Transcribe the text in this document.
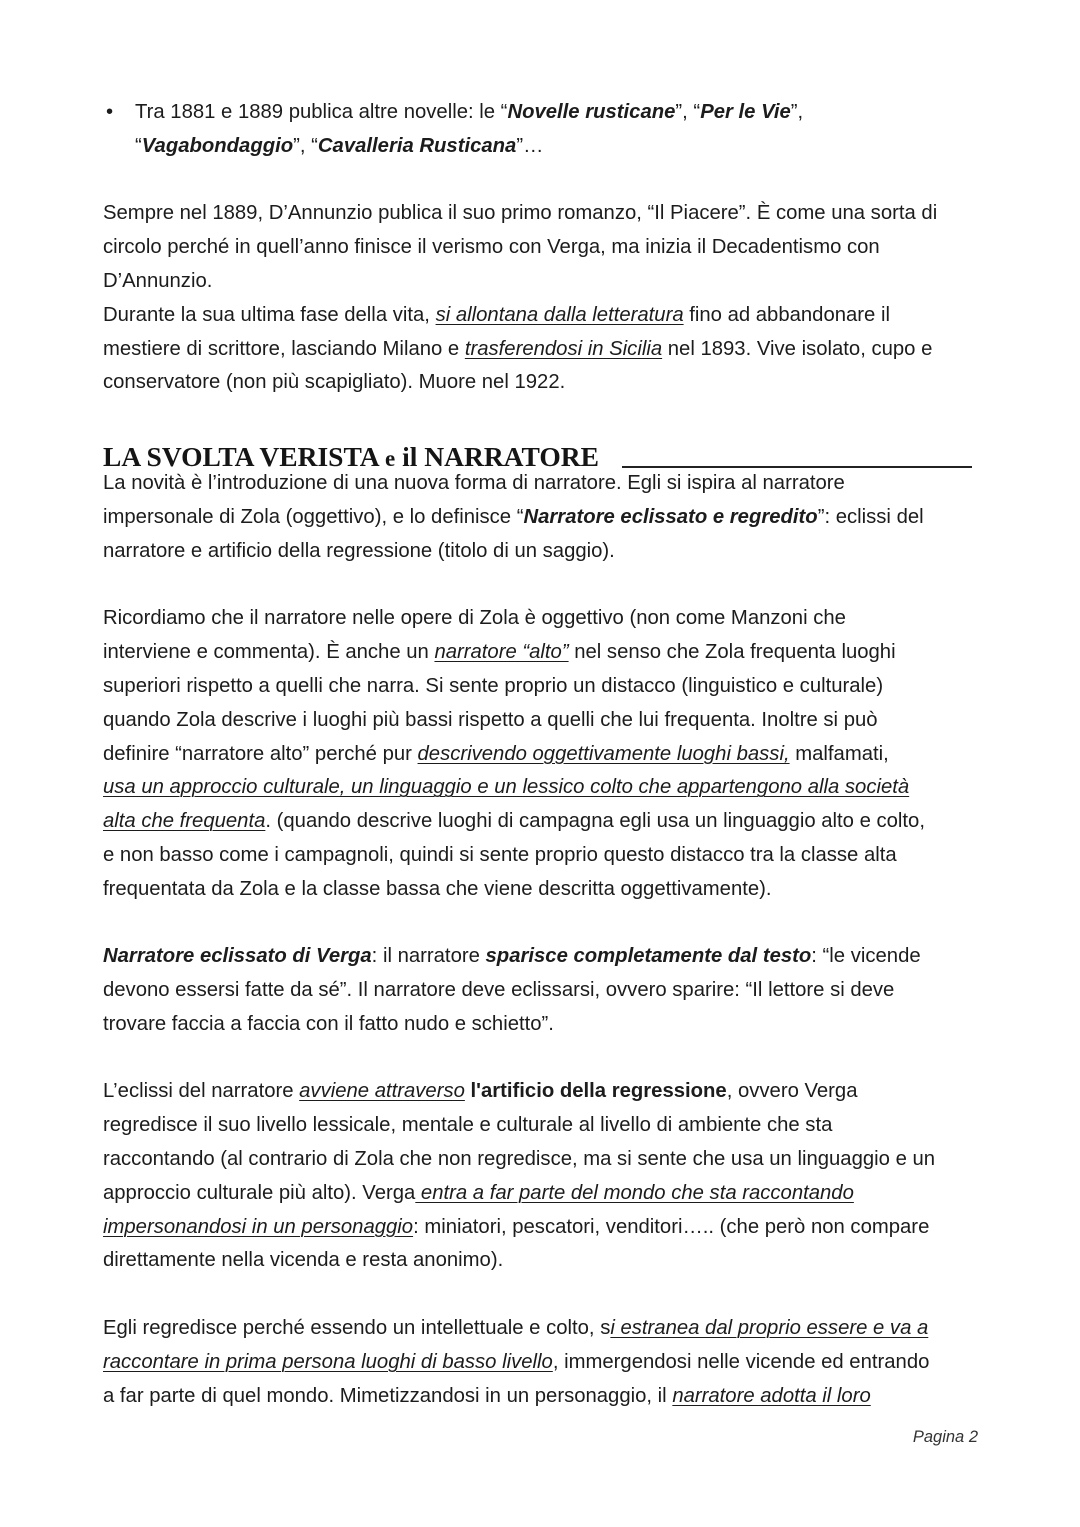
• Tra 1881 e 1889 publica altre novelle: le “Novelle rusticane”, “Per le Vie”,
“Vagabondaggio”, “Cavalleria Rusticana”…
Sempre nel 1889, D’Annunzio publica il suo primo romanzo, “Il Piacere”. È come una sorta di
circolo perché in quell’anno finisce il verismo con Verga, ma inizia il Decadentismo con
D’Annunzio.
Durante la sua ultima fase della vita, si allontana dalla letteratura fino ad abbandonare il
mestiere di scrittore, lasciando Milano e trasferendosi in Sicilia nel 1893. Vive isolato, cupo e
conservatore (non più scapigliato). Muore nel 1922.
LA SVOLTA VERISTA e il NARRATORE
La novità è l’introduzione di una nuova forma di narratore. Egli si ispira al narratore
impersonale di Zola (oggettivo), e lo definisce “Narratore eclissato e regredito”: eclissi del
narratore e artificio della regressione (titolo di un saggio).
Ricordiamo che il narratore nelle opere di Zola è oggettivo (non come Manzoni che
interviene e commenta). È anche un narratore “alto” nel senso che Zola frequenta luoghi
superiori rispetto a quelli che narra. Si sente proprio un distacco (linguistico e culturale)
quando Zola descrive i luoghi più bassi rispetto a quelli che lui frequenta. Inoltre si può
definire “narratore alto” perché pur descrivendo oggettivamente luoghi bassi, malfamati,
usa un approccio culturale, un linguaggio e un lessico colto che appartengono alla società
alta che frequenta. (quando descrive luoghi di campagna egli usa un linguaggio alto e colto,
e non basso come i campagnoli, quindi si sente proprio questo distacco tra la classe alta
frequentata da Zola e la classe bassa che viene descritta oggettivamente).
Narratore eclissato di Verga: il narratore sparisce completamente dal testo: “le vicende
devono essersi fatte da sé”. Il narratore deve eclissarsi, ovvero sparire: “Il lettore si deve
trovare faccia a faccia con il fatto nudo e schietto”.
L’eclissi del narratore avviene attraverso l'artificio della regressione, ovvero Verga
regredisce il suo livello lessicale, mentale e culturale al livello di ambiente che sta
raccontando (al contrario di Zola che non regredisce, ma si sente che usa un linguaggio e un
approccio culturale più alto). Verga entra a far parte del mondo che sta raccontando
impersonandosi in un personaggio: miniatori, pescatori, venditori….. (che però non compare
direttamente nella vicenda e resta anonimo).
Egli regredisce perché essendo un intellettuale e colto, si estranea dal proprio essere e va a
raccontare in prima persona luoghi di basso livello, immergendosi nelle vicende ed entrando
a far parte di quel mondo. Mimetizzandosi in un personaggio, il narratore adotta il loro
Pagina 2
